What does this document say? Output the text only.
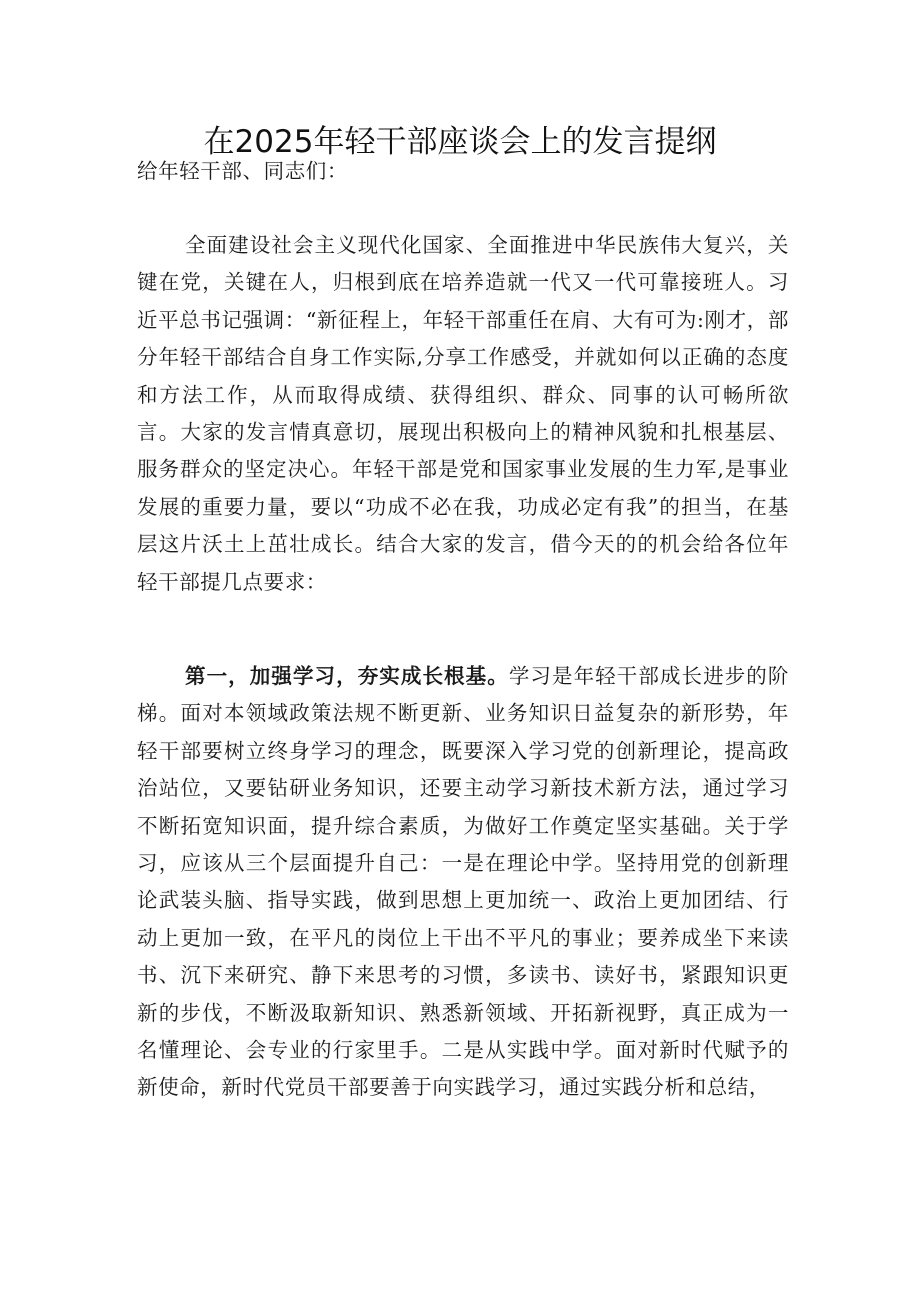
在2025年轻干部座谈会上的发言提纲

给年轻干部、同志们：

全面建设社会主义现代化国家、全面推进中华民族伟大复兴，关键在党，关键在人，归根到底在培养造就一代又一代可靠接班人。习近平总书记强调：“新征程上，年轻干部重任在肩、大有可为:刚才，部分年轻干部结合自身工作实际,分享工作感受，并就如何以正确的态度和方法工作，从而取得成绩、获得组织、群众、同事的认可畅所欲言。大家的发言情真意切，展现出积极向上的精神风貌和扎根基层、服务群众的坚定决心。年轻干部是党和国家事业发展的生力军,是事业发展的重要力量，要以“功成不必在我，功成必定有我”的担当，在基层这片沃土上茁壮成长。结合大家的发言，借今天的的机会给各位年轻干部提几点要求：

第一，加强学习，夯实成长根基。学习是年轻干部成长进步的阶梯。面对本领域政策法规不断更新、业务知识日益复杂的新形势，年轻干部要树立终身学习的理念，既要深入学习党的创新理论，提高政治站位，又要钻研业务知识，还要主动学习新技术新方法，通过学习不断拓宽知识面，提升综合素质，为做好工作奠定坚实基础。关于学习，应该从三个层面提升自己：一是在理论中学。坚持用党的创新理论武装头脑、指导实践，做到思想上更加统一、政治上更加团结、行动上更加一致，在平凡的岗位上干出不平凡的事业；要养成坐下来读书、沉下来研究、静下来思考的习惯，多读书、读好书，紧跟知识更新的步伐，不断汲取新知识、熟悉新领域、开拓新视野，真正成为一名懂理论、会专业的行家里手。二是从实践中学。面对新时代赋予的新使命，新时代党员干部要善于向实践学习，通过实践分析和总结，
